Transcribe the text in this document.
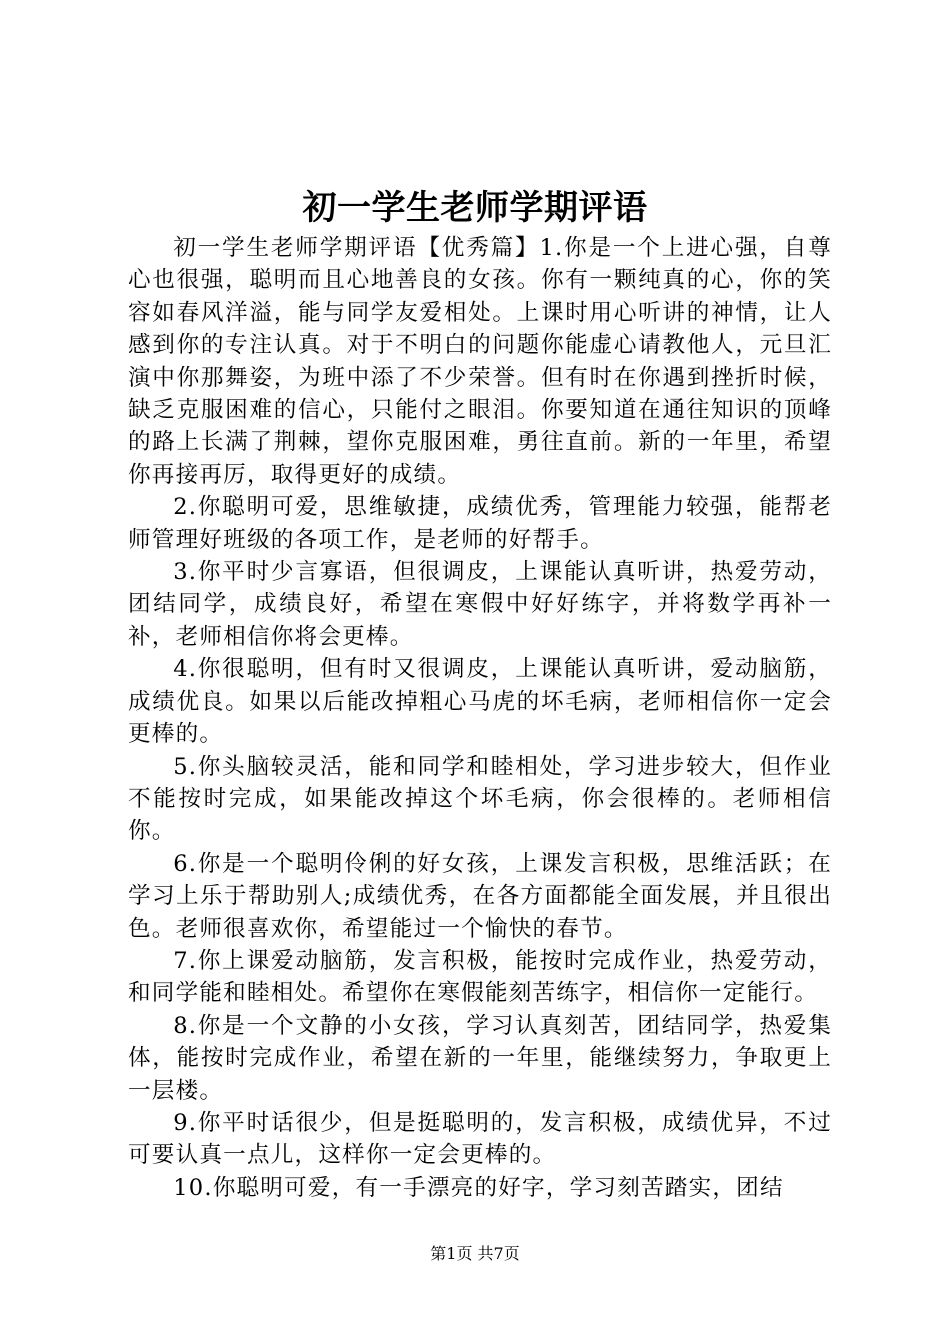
初一学生老师学期评语

初一学生老师学期评语【优秀篇】1.你是一个上进心强，自尊心也很强，聪明而且心地善良的女孩。你有一颗纯真的心，你的笑容如春风洋溢，能与同学友爱相处。上课时用心听讲的神情，让人感到你的专注认真。对于不明白的问题你能虚心请教他人，元旦汇演中你那舞姿，为班中添了不少荣誉。但有时在你遇到挫折时候，缺乏克服困难的信心，只能付之眼泪。你要知道在通往知识的顶峰的路上长满了荆棘，望你克服困难，勇往直前。新的一年里，希望你再接再厉，取得更好的成绩。

2.你聪明可爱，思维敏捷，成绩优秀，管理能力较强，能帮老师管理好班级的各项工作，是老师的好帮手。

3.你平时少言寡语，但很调皮，上课能认真听讲，热爱劳动，团结同学，成绩良好，希望在寒假中好好练字，并将数学再补一补，老师相信你将会更棒。

4.你很聪明，但有时又很调皮，上课能认真听讲，爱动脑筋，成绩优良。如果以后能改掉粗心马虎的坏毛病，老师相信你一定会更棒的。

5.你头脑较灵活，能和同学和睦相处，学习进步较大，但作业不能按时完成，如果能改掉这个坏毛病，你会很棒的。老师相信你。

6.你是一个聪明伶俐的好女孩，上课发言积极，思维活跃；在学习上乐于帮助别人;成绩优秀，在各方面都能全面发展，并且很出色。老师很喜欢你，希望能过一个愉快的春节。

7.你上课爱动脑筋，发言积极，能按时完成作业，热爱劳动，和同学能和睦相处。希望你在寒假能刻苦练字，相信你一定能行。

8.你是一个文静的小女孩，学习认真刻苦，团结同学，热爱集体，能按时完成作业，希望在新的一年里，能继续努力，争取更上一层楼。

9.你平时话很少，但是挺聪明的，发言积极，成绩优异，不过可要认真一点儿，这样你一定会更棒的。

10.你聪明可爱，有一手漂亮的好字，学习刻苦踏实，团结

第1页 共7页
